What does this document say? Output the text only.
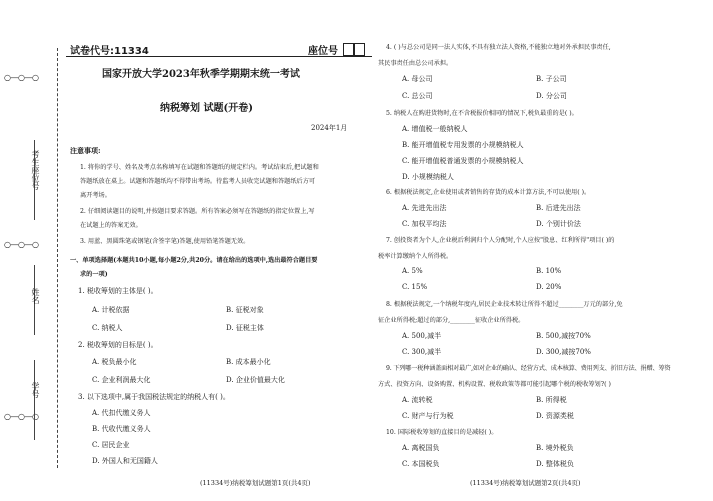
○—○—○
○—○—○
○—○—○
考生座位号
姓名
学号
试卷代号:11334	座位号
国家开放大学2023年秋季学期期末统一考试
纳税筹划 试题(开卷)
2024年1月
注意事项:
1. 将你的学号、姓名及考点名称填写在试题和答题纸的规定栏内。考试结束后,把试题和
答题纸放在桌上。试题和答题纸均不得带出考场。待监考人员收完试题和答题纸后方可
离开考场。
2. 仔细阅读题目的说明,并按题目要求答题。所有答案必须写在答题纸的指定位置上,写
在试题上的答案无效。
3. 用蓝、黑圆珠笔或钢笔(含签字笔)答题,使用铅笔答题无效。
一、单项选择题(本题共10小题,每小题2分,共20分。请在给出的选项中,选出最符合题目要
求的一项)
1. 税收筹划的主体是( )。
A. 计税依据	B. 征税对象
C. 纳税人	D. 征税主体
2. 税收筹划的目标是( )。
A. 税负最小化	B. 成本最小化
C. 企业利润最大化	D. 企业价值最大化
3. 以下选项中,属于我国税法规定的纳税人有( )。
A. 代扣代缴义务人
B. 代收代缴义务人
C. 居民企业
D. 外国人和无国籍人
4. ( )与总公司是同一法人实体,不具有独立法人资格,不能独立地对外承担民事责任,
其民事责任由总公司承担。
A. 母公司	B. 子公司
C. 总公司	D. 分公司
5. 纳税人在购进货物时,在不含税报价相同的情况下,税负最重的是( )。
A. 增值税一般纳税人
B. 能开增值税专用发票的小规模纳税人
C. 能开增值税普通发票的小规模纳税人
D. 小规模纳税人
6. 根据税法规定,企业使用或者销售的存货的成本计算方法,不可以使用( )。
A. 先进先出法	B. 后进先出法
C. 加权平均法	D. 个别计价法
7. 创投资者为个人,企业税后利润归个人分配时,个人应按"股息、红利所得"项目( )的
税率计算缴纳个人所得税。
A. 5%	B. 10%
C. 15%	D. 20%
8. 根据税法规定,一个纳税年度内,居民企业技术转让所得不超过________万元的部分,免
征企业所得税;超过的部分,________征收企业所得税。
A. 500,减半	B. 500,减按70%
C. 300,减半	D. 300,减按70%
9. 下列哪一税种涵盖面相对最广,如对企业的确认、经营方式、成本核算、费用列支、折旧方法、捐赠、筹资
方式、投资方向、设备购置、机构设置、税收政策等都可能引起哪个税的税收筹划?( )
A. 流转税	B. 所得税
C. 财产与行为税	D. 资源类税
10. 国际税收筹划的直接目的是减轻( )。
A. 离税国负	B. 境外税负
C. 本国税负	D. 整体税负
(11334号)纳税筹划试题第1页(共4页)	(11334号)纳税筹划试题第2页(共4页)
